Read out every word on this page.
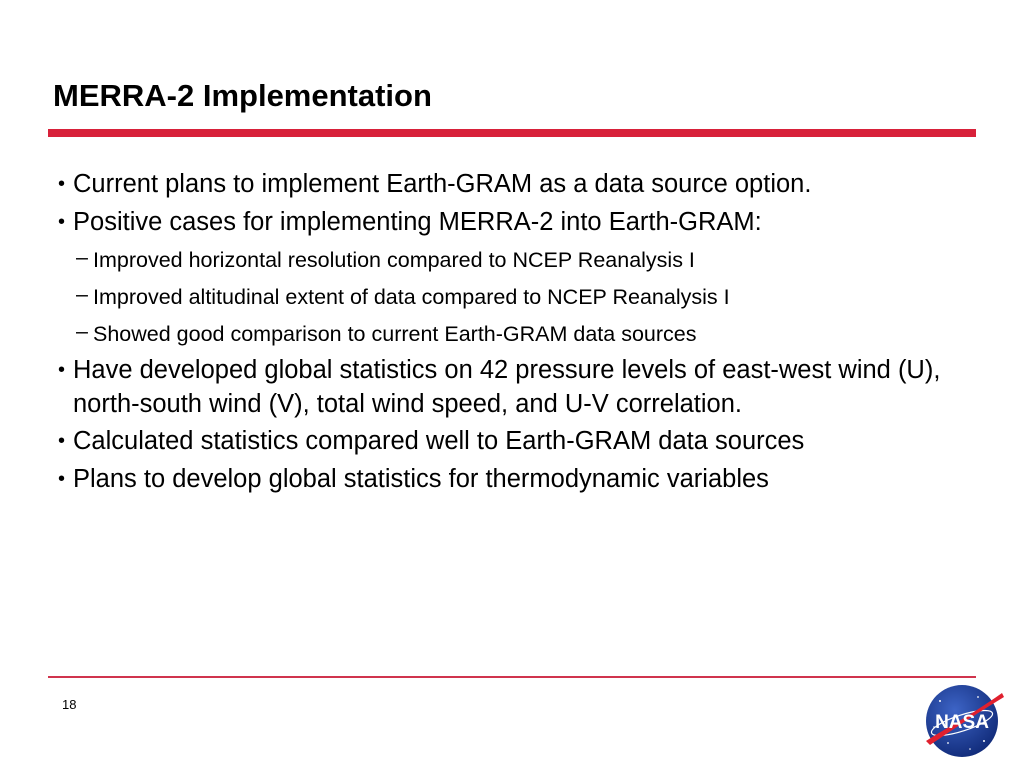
MERRA-2 Implementation
• Current plans to implement Earth-GRAM as a data source option.
• Positive cases for implementing MERRA-2 into Earth-GRAM:
– Improved horizontal resolution compared to NCEP Reanalysis I
– Improved altitudinal extent of data compared to NCEP Reanalysis I
– Showed good comparison to current Earth-GRAM data sources
• Have developed global statistics on 42 pressure levels of east-west wind (U), north-south wind (V), total wind speed, and U-V correlation.
• Calculated statistics compared well to Earth-GRAM data sources
• Plans to develop global statistics for thermodynamic variables
18
NASA
